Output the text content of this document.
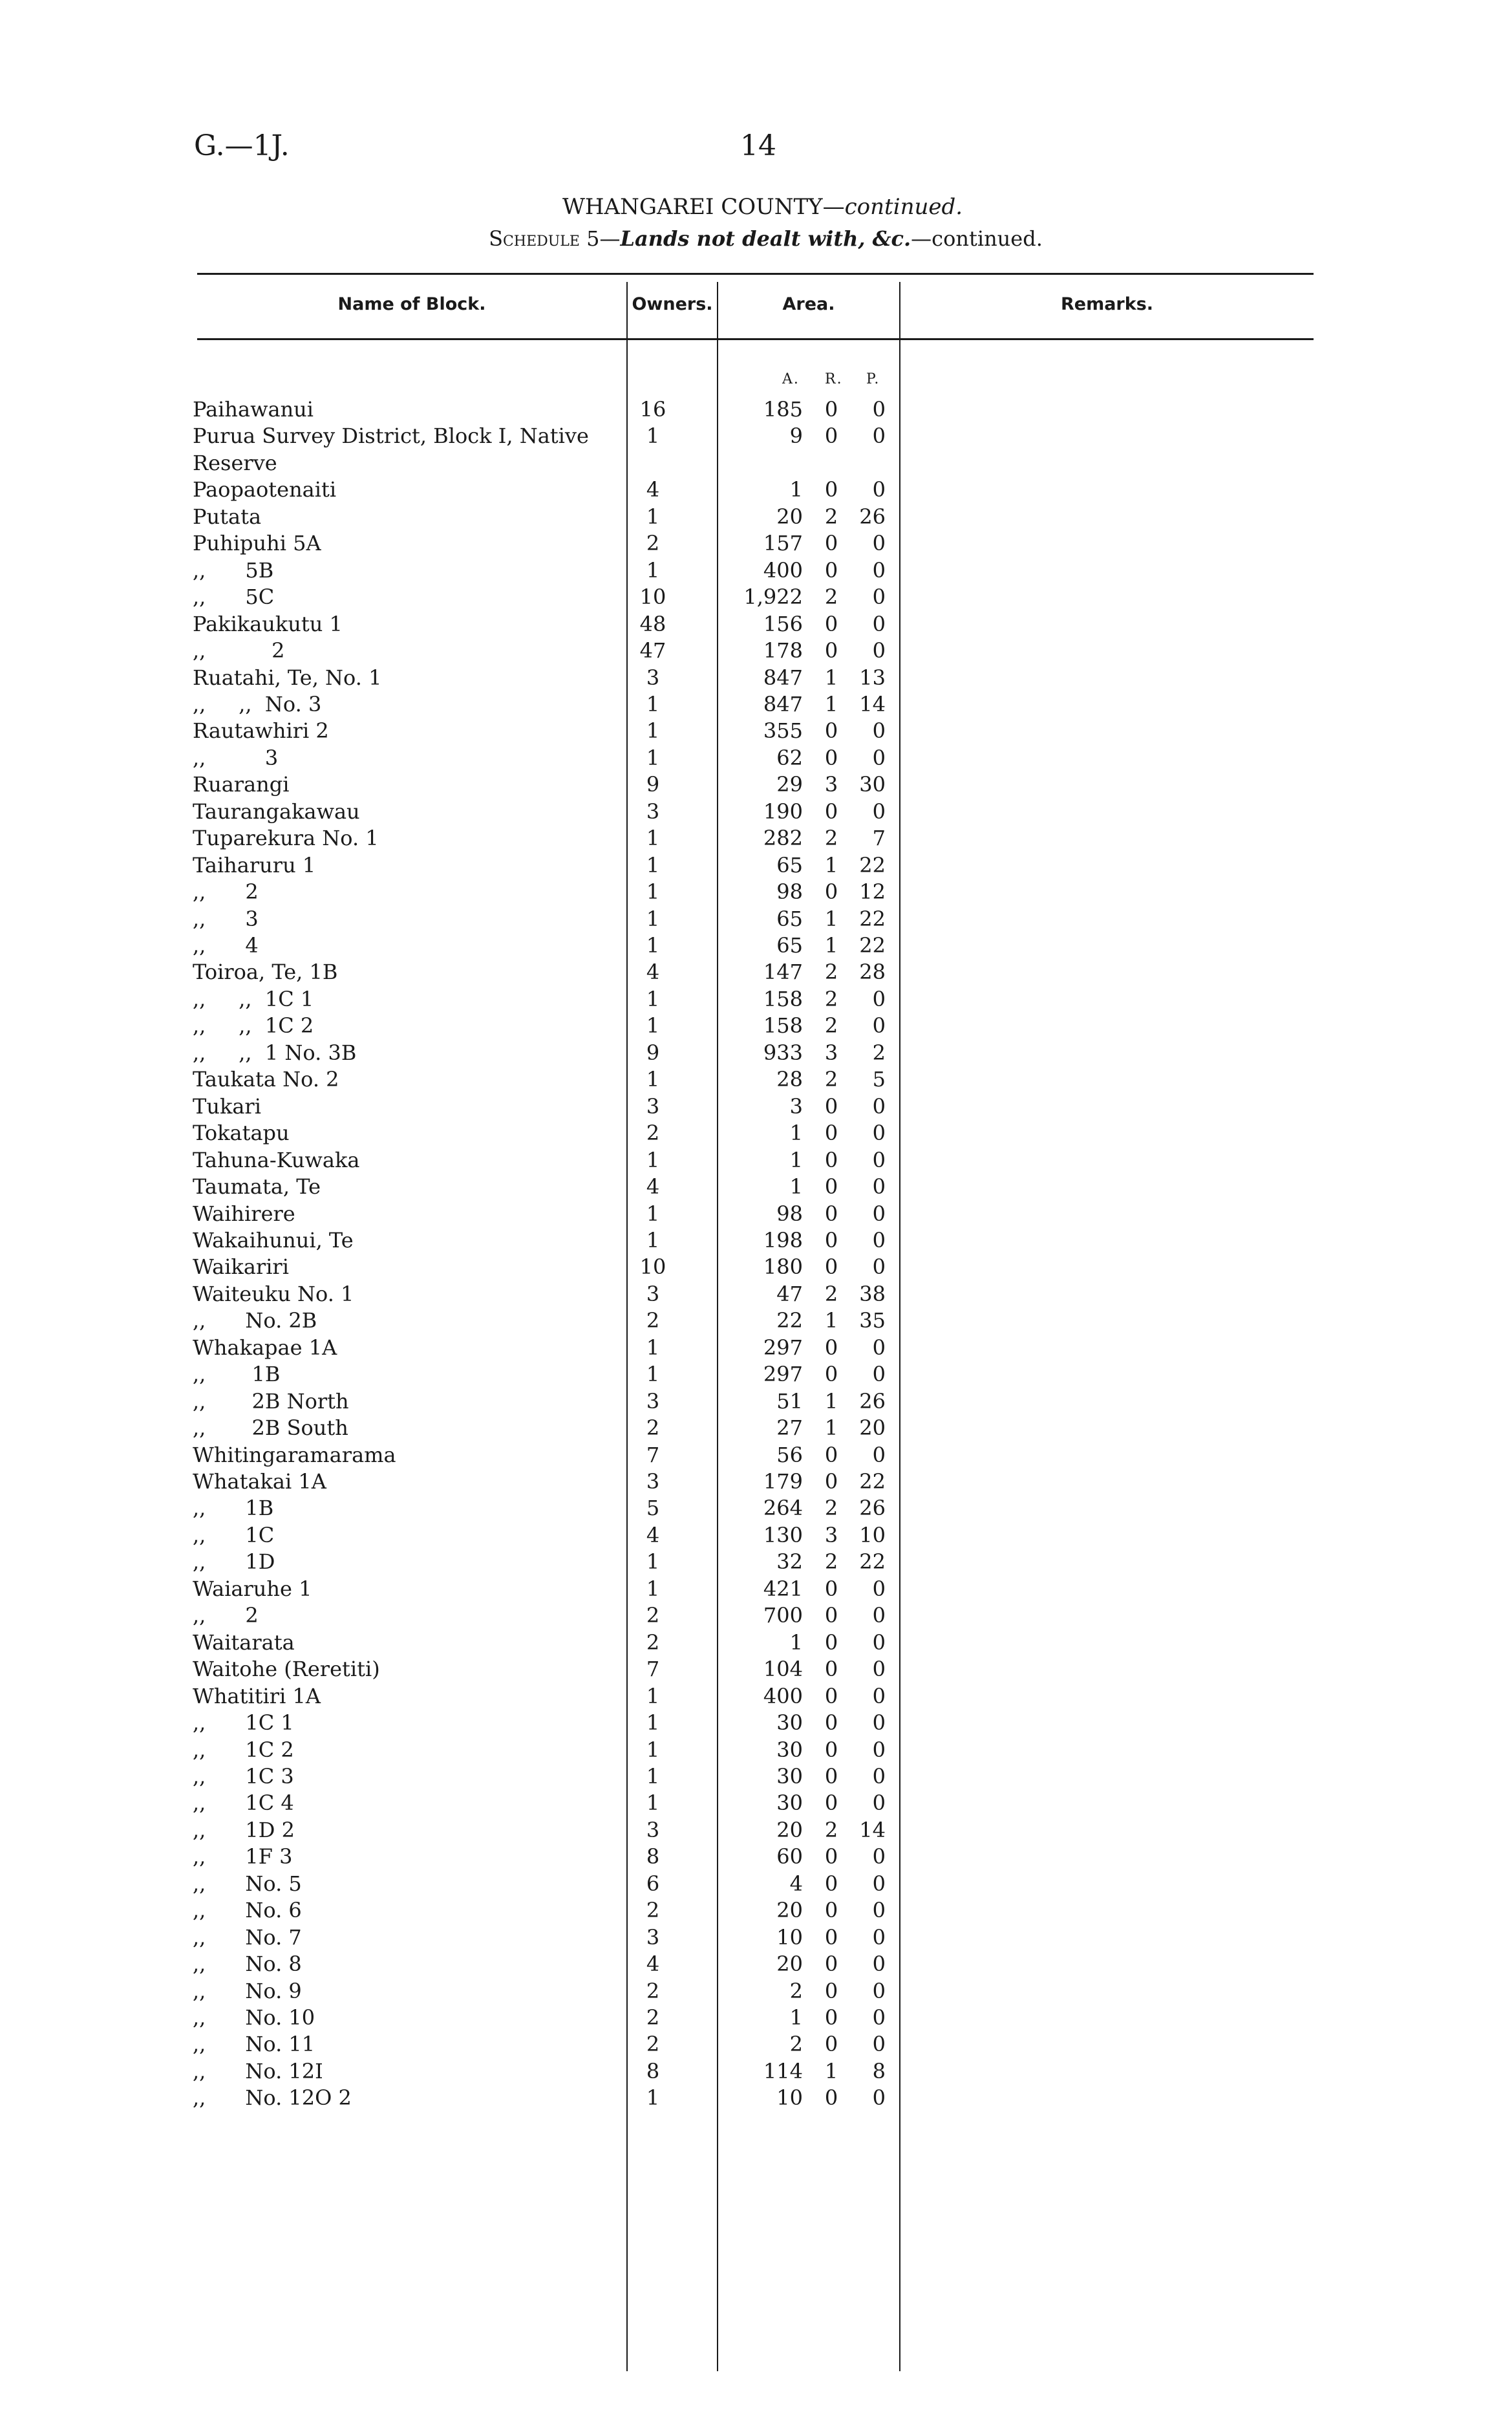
G.—1J.	14
WHANGAREI COUNTY—continued.
Schedule 5—Lands not dealt with, &c.—continued.
Name of Block.	Owners.	Area.	Remarks.
A. R. P.
Paihawanui	16	185 0	0
Purua Survey District, Block I, Native	1	9 0	0
Reserve
Paopaotenaiti	4	1 0	0
Putata	1	20 2	26
Puhipuhi 5A	2	157 0	0
,,      5B	1	400 0	0
,,      5C	10	1,922 2	0
Pakikaukutu 1	48	156 0	0
,,          2	47	178 0	0
Ruatahi, Te, No. 1	3	847 1	13
,,     ,,  No. 3	1	847 1	14
Rautawhiri 2	1	355 0	0
,,         3	1	62 0	0
Ruarangi	9	29 3	30
Taurangakawau	3	190 0	0
Tuparekura No. 1	1	282 2	7
Taiharuru 1	1	65 1	22
,,      2	1	98 0	12
,,      3	1	65 1	22
,,      4	1	65 1	22
Toiroa, Te, 1B	4	147 2	28
,,     ,,  1C 1	1	158 2	0
,,     ,,  1C 2	1	158 2	0
,,     ,,  1 No. 3B	9	933 3	2
Taukata No. 2	1	28 2	5
Tukari	3	3 0	0
Tokatapu	2	1 0	0
Tahuna-Kuwaka	1	1 0	0
Taumata, Te	4	1 0	0
Waihirere	1	98 0	0
Wakaihunui, Te	1	198 0	0
Waikariri	10	180 0	0
Waiteuku No. 1	3	47 2	38
,,      No. 2B	2	22 1	35
Whakapae 1A	1	297 0	0
,,       1B	1	297 0	0
,,       2B North	3	51 1	26
,,       2B South	2	27 1	20
Whitingaramarama	7	56 0	0
Whatakai 1A	3	179 0	22
,,      1B	5	264 2	26
,,      1C	4	130 3	10
,,      1D	1	32 2	22
Waiaruhe 1	1	421 0	0
,,      2	2	700 0	0
Waitarata	2	1 0	0
Waitohe (Reretiti)	7	104 0	0
Whatitiri 1A	1	400 0	0
,,      1C 1	1	30 0	0
,,      1C 2	1	30 0	0
,,      1C 3	1	30 0	0
,,      1C 4	1	30 0	0
,,      1D 2	3	20 2	14
,,      1F 3	8	60 0	0
,,      No. 5	6	4 0	0
,,      No. 6	2	20 0	0
,,      No. 7	3	10 0	0
,,      No. 8	4	20 0	0
,,      No. 9	2	2 0	0
,,      No. 10	2	1 0	0
,,      No. 11	2	2 0	0
,,      No. 12I	8	114 1	8
,,      No. 12O 2	1	10 0	0
